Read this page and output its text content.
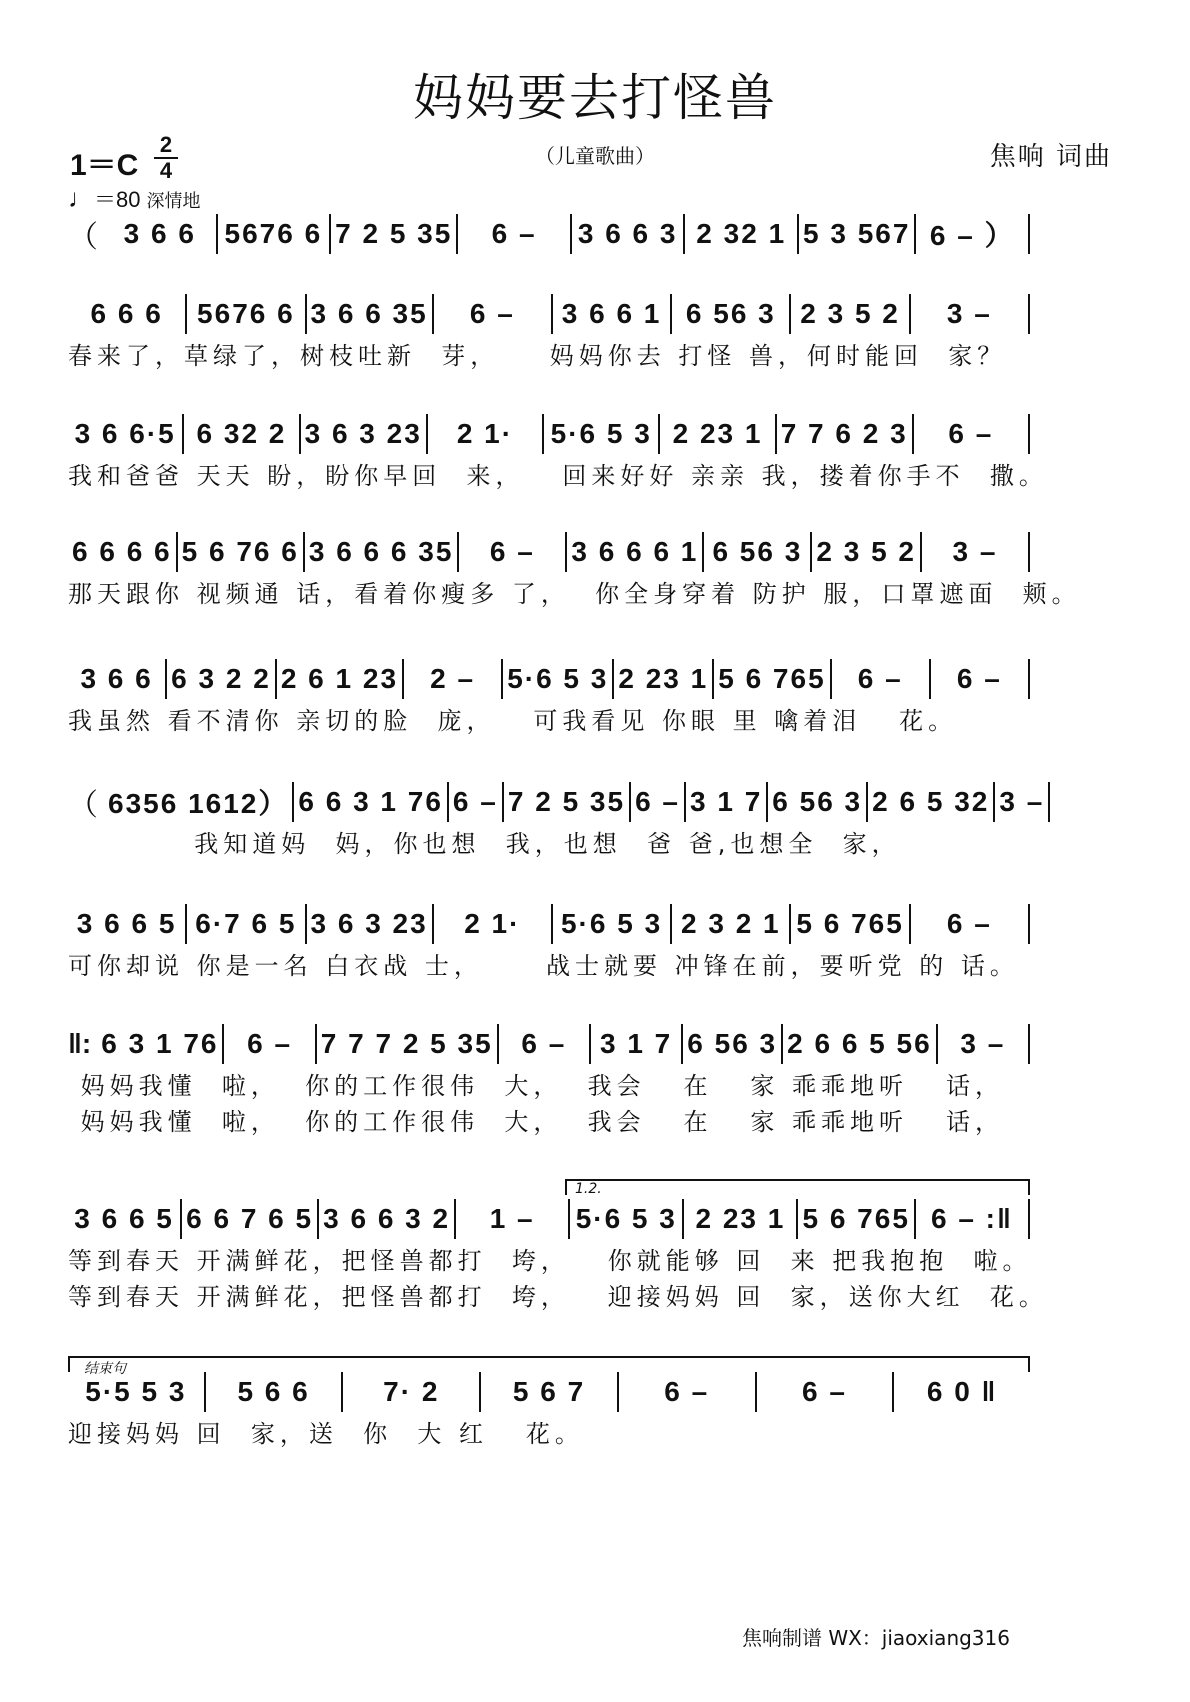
妈妈要去打怪兽
1＝C
2
4
♩＝80 深情地
（儿童歌曲）	焦响 词曲
（ 3 6 6 5676 6 7 2 5 35 6 – 3 6 6 3 2 32 1 5 3 567 6 – ）
6 6 6 5676 6 3 6 6 35 6 – 3 6 6 1 6 56 3 2 3 5 2 3 –
春来了，草绿了，树枝吐新  芽，    妈妈你去 打怪 兽，何时能回  家？
3 6 6·5 6 32 2 3 6 3 23 2 1· 5·6 5 3 2 23 1 7 7 6 2 3 6 –
我和爸爸 天天 盼，盼你早回  来，   回来好好 亲亲 我，搂着你手不  撒。
6 6 6 6 5 6 76 6 3 6 6 6 35 6 – 3 6 6 6 1 6 56 3 2 3 5 2 3 –
那天跟你 视频通 话，看着你瘦多 了，  你全身穿着 防护 服，口罩遮面  颊。
3 6 6 6 3 2 2 2 6 1 23 2 – 5·6 5 3 2 23 1 5 6 765 6 – 6 –
我虽然 看不清你 亲切的脸  庞，   可我看见 你眼 里 噙着泪   花。
（ 6356 1612） 6 6 3 1 76 6 – 7 2 5 35 6 – 3 1 7 6 56 3 2 6 5 32 3 –
我知道妈  妈，你也想  我，也想  爸 爸,也想全  家，
3 6 6 5 6·7 6 5 3 6 3 23 2 1· 5·6 5 3 2 3 2 1 5 6 765 6 –
可你却说 你是一名 白衣战 士，     战士就要 冲锋在前，要听党 的 话。
‖: 6 3 1 76 6 – 7 7 7 2 5 35 6 – 3 1 7 6 56 3 2 6 6 5 56 3 –
妈妈我懂  啦，  你的工作很伟  大，  我会   在   家 乖乖地听   话，
妈妈我懂  啦，  你的工作很伟  大，  我会   在   家 乖乖地听   话，
1.2.
3 6 6 5 6 6 7 6 5 3 6 6 3 2 1 – 5·6 5 3 2 23 1 5 6 765 6 – :‖
等到春天 开满鲜花，把怪兽都打  垮，   你就能够 回  来 把我抱抱  啦。
等到春天 开满鲜花，把怪兽都打  垮，   迎接妈妈 回  家，送你大红  花。
结束句
5·5 5 3 5 6 6	7· 2	5 6 7	6 –	6 –	6 0 ‖
迎接妈妈 回  家，送  你  大 红   花。
焦响制谱 WX：jiaoxiang316
